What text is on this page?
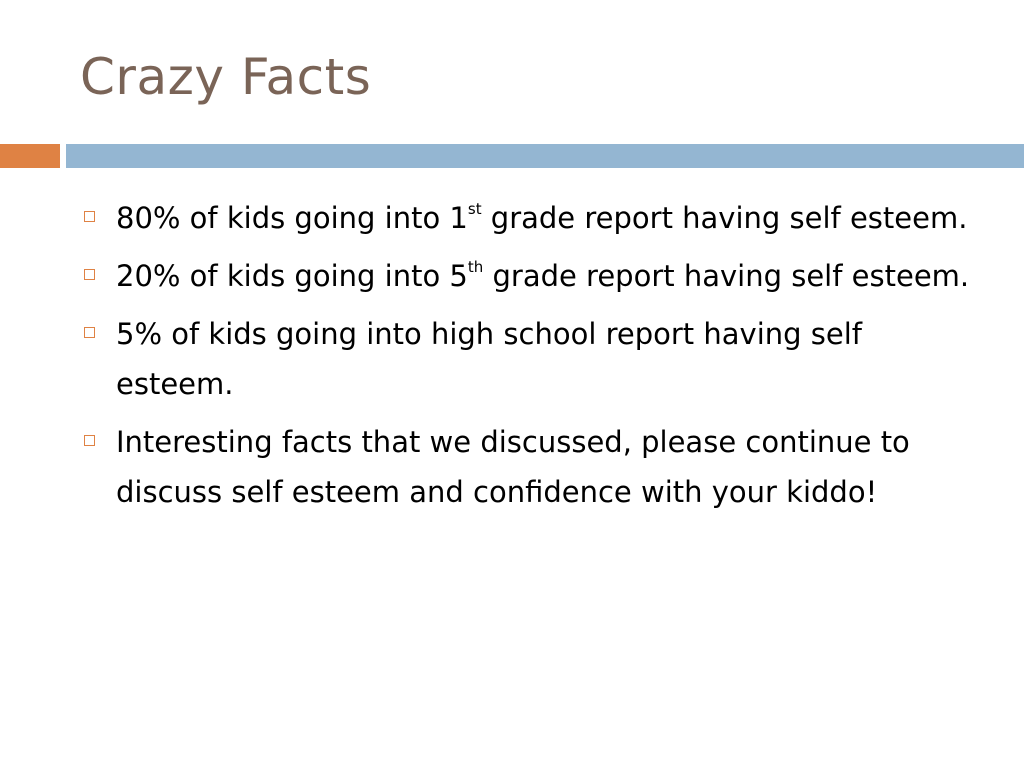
Crazy Facts
80% of kids going into 1st grade report having self esteem.
20% of kids going into 5th grade report having self esteem.
5% of kids going into high school report having self esteem.
Interesting facts that we discussed, please continue to discuss self esteem and confidence with your kiddo!
